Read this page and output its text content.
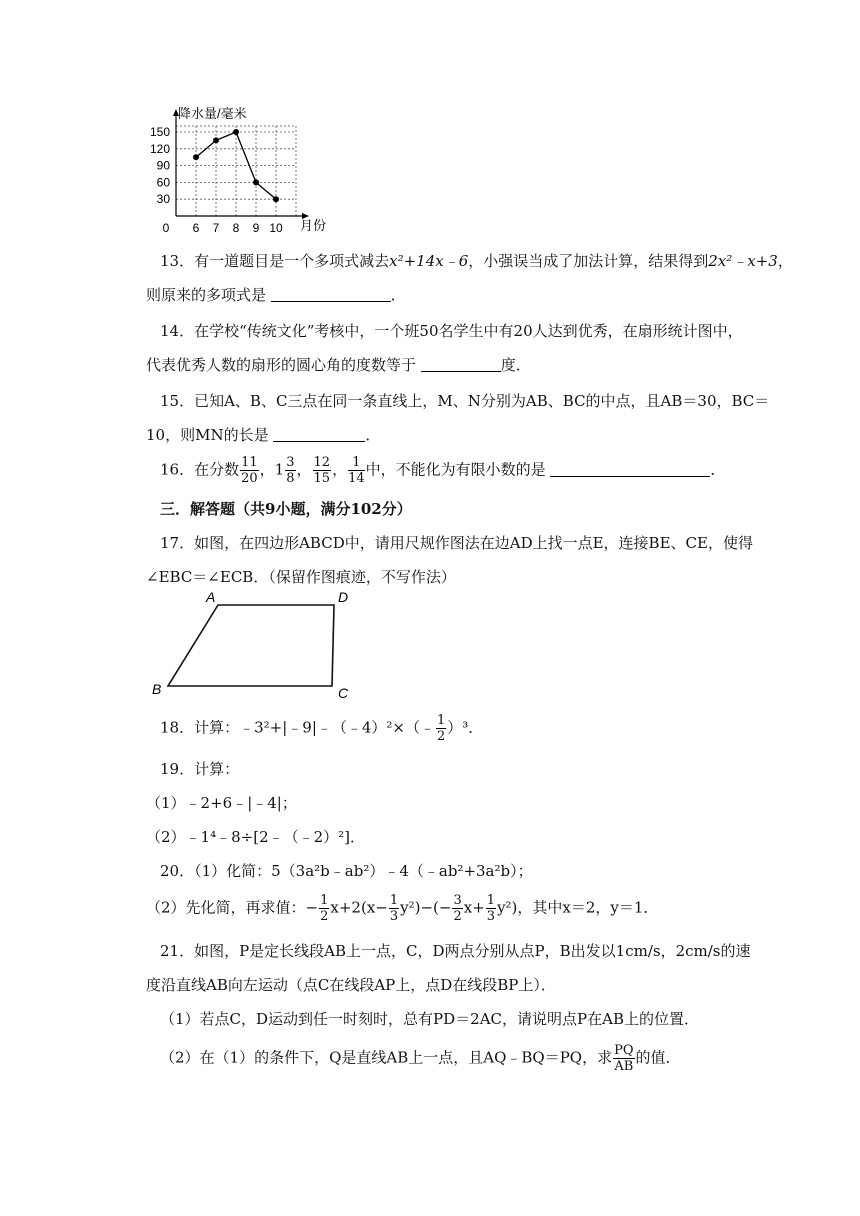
降水量/毫米
月份
30
60
90
120
150
0 6 7 8 9 10
13．有一道题目是一个多项式减去x²+14x﹣6，小强误当成了加法计算，结果得到2x²﹣x+3，
则原来的多项式是	．
14．在学校“传统文化”考核中，一个班50名学生中有20人达到优秀，在扇形统计图中，
代表优秀人数的扇形的圆心角的度数等于	度．
15．已知A、B、C三点在同一条直线上，M、N分别为AB、BC的中点，且AB＝30，BC＝
10，则MN的长是	．
16．在分数 $\frac{11}{20}$ ，$1 \frac{3}{8}$ ， $\frac{12}{15}$ ， $\frac{1}{14}$ 中，不能化为有限小数的是	．
三．解答题（共9小题，满分102分）
17．如图，在四边形ABCD中，请用尺规作图法在边AD上找一点E，连接BE、CE，使得
∠EBC＝∠ECB．（保留作图痕迹，不写作法）
A	D
B	C
18．计算：﹣3²+|﹣9|﹣（﹣4）²×（﹣ $\frac{1}{2} )^3$．
19．计算：
（1）﹣2+6﹣|﹣4|；
（2）﹣1⁴﹣8÷[2﹣（﹣2）²]．
20．（1）化简：5（3a²b﹣ab²）﹣4（﹣ab²+3a²b）；
（2）先化简，再求值：− $\frac{1}{2} x+2(x- \frac{1}{3} y^2)-(- \frac{3}{2} x+ \frac{1}{3} y^2)$，其中x＝2，y＝1．
21．如图，P是定长线段AB上一点，C，D两点分别从点P，B出发以1cm/s，2cm/s的速
度沿直线AB向左运动（点C在线段AP上，点D在线段BP上）．
（1）若点C，D运动到任一时刻时，总有PD＝2AC，请说明点P在AB上的位置．
（2）在（1）的条件下，Q是直线AB上一点，且AQ﹣BQ＝PQ，求 $\frac{PQ}{AB}$ 的值．
